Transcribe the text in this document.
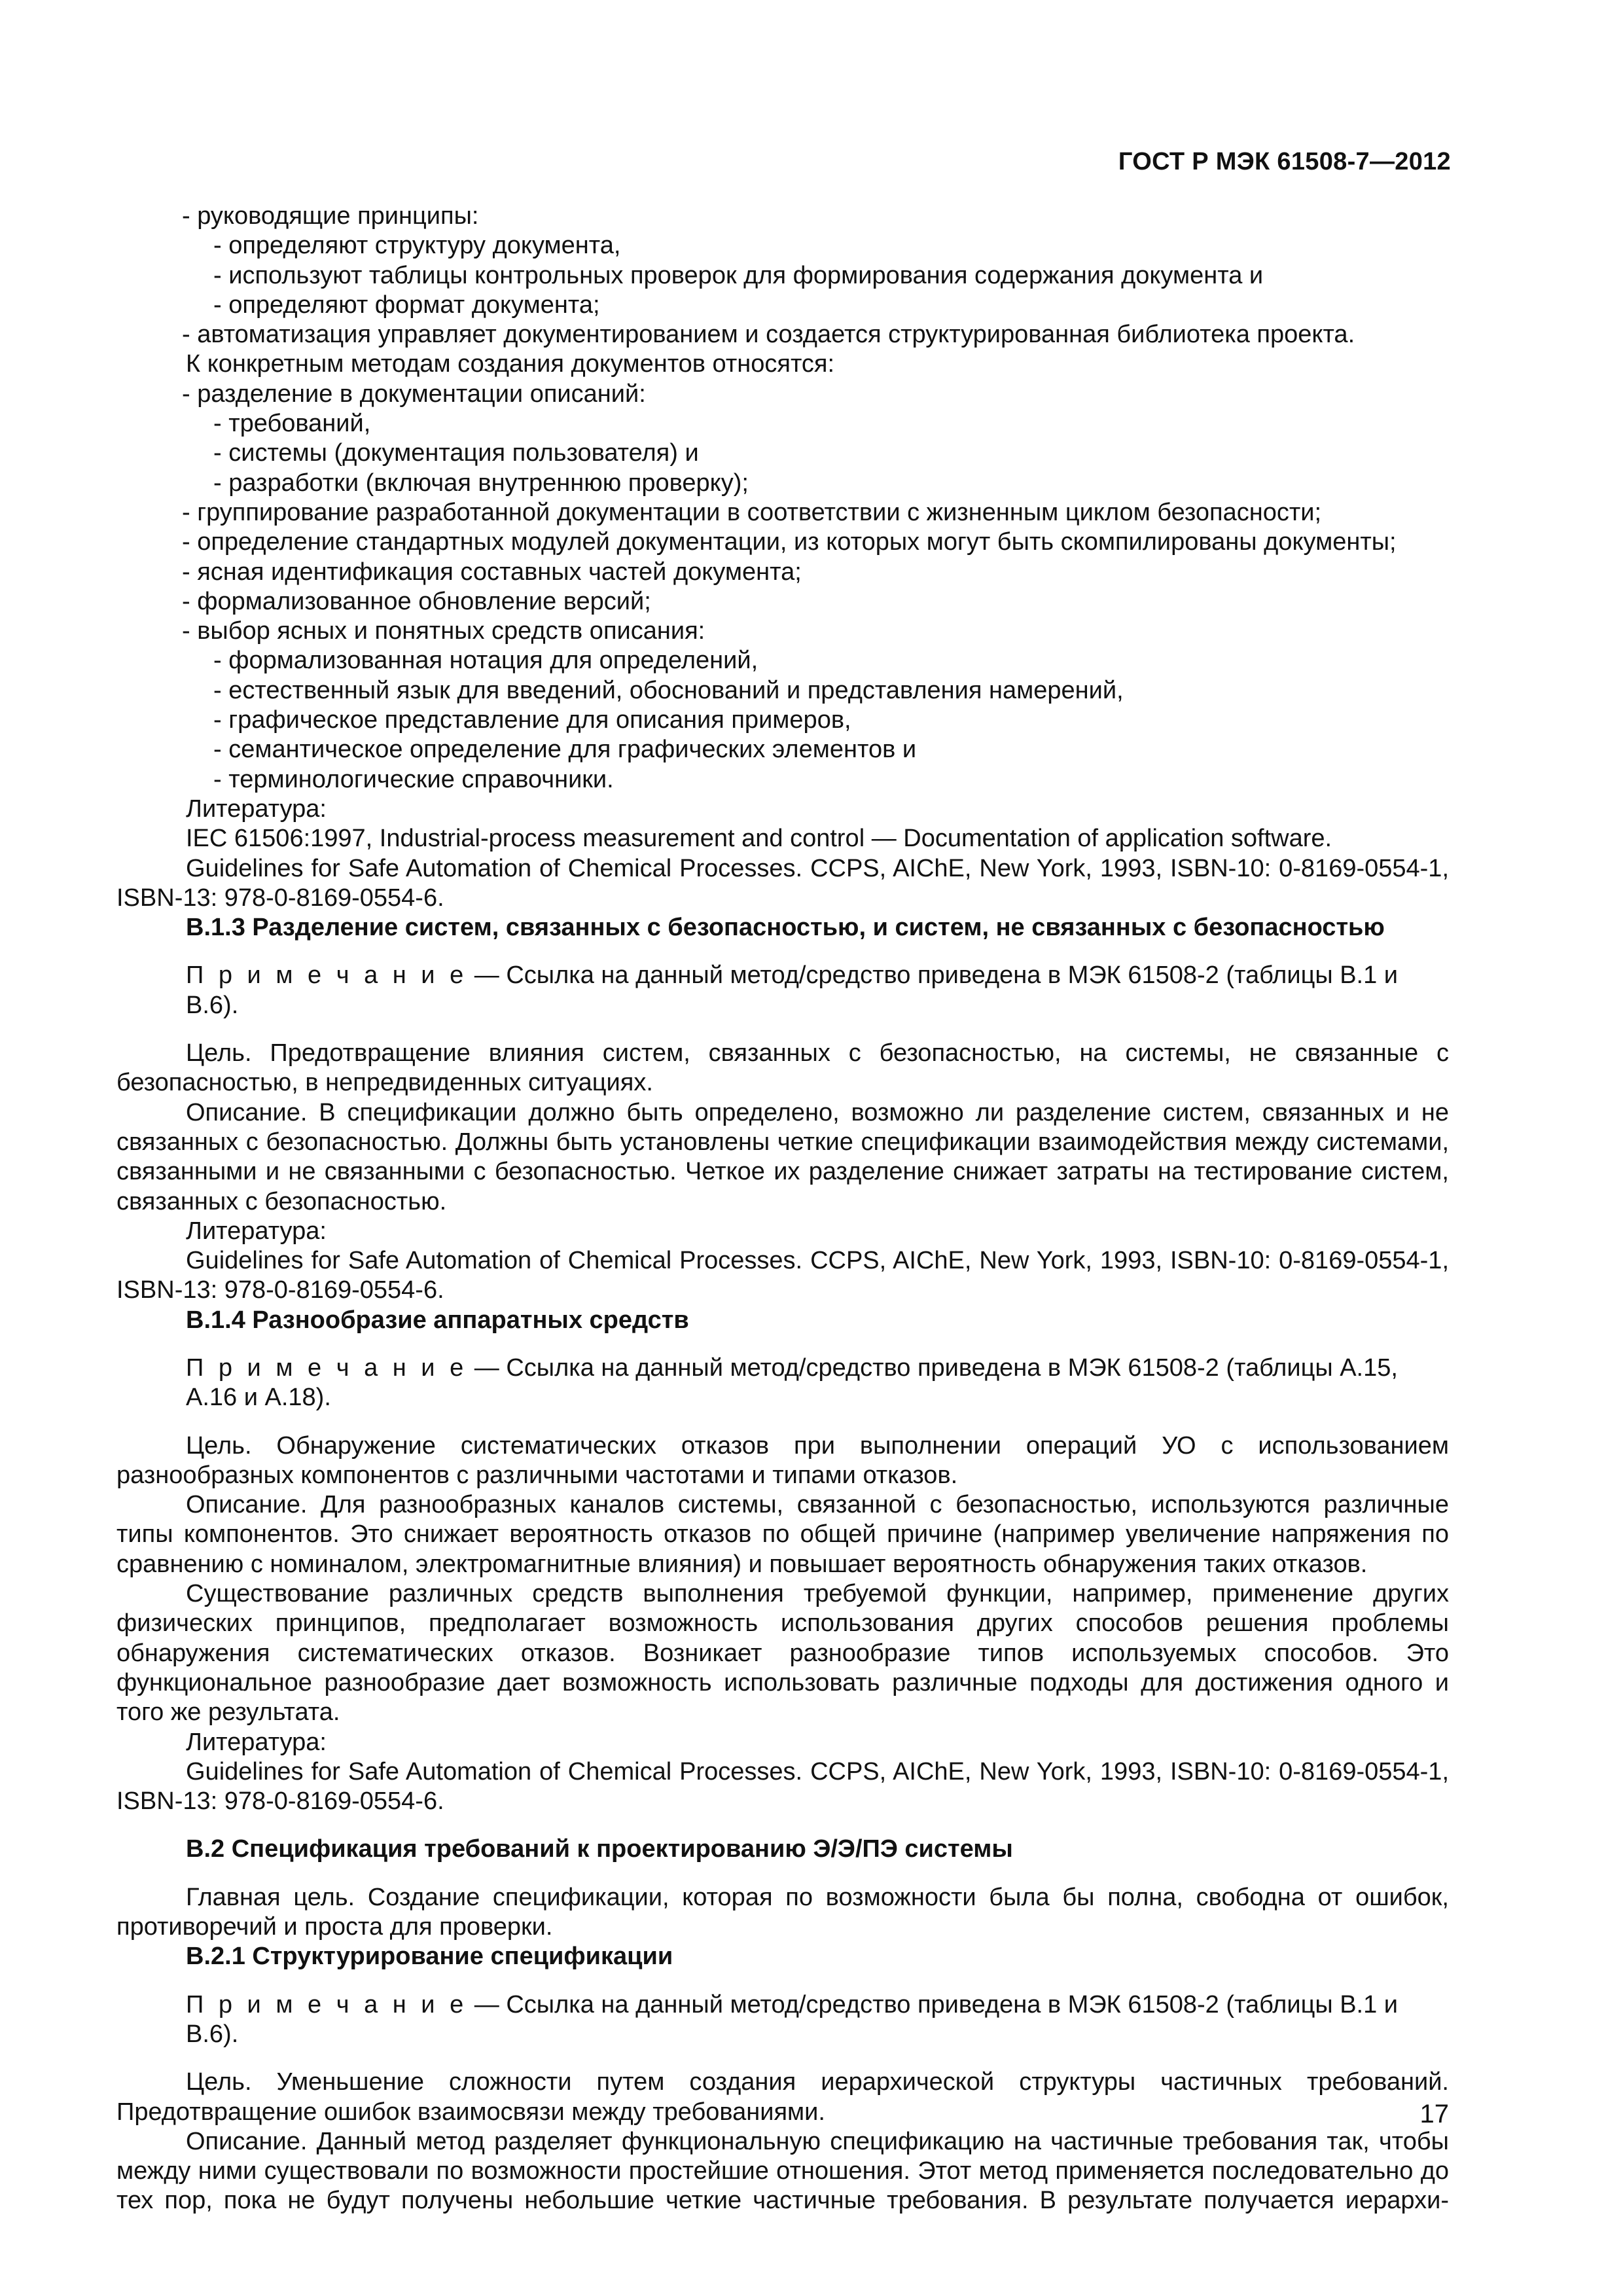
ГОСТ Р МЭК 61508-7—2012
- руководящие принципы:
- определяют структуру документа,
- используют таблицы контрольных проверок для формирования содержания документа и
- определяют формат документа;
- автоматизация управляет документированием и создается структурированная библиотека проекта.
К конкретным методам создания документов относятся:
- разделение в документации описаний:
- требований,
- системы (документация пользователя) и
- разработки (включая внутреннюю проверку);
- группирование разработанной документации в соответствии с жизненным циклом безопасности;
- определение стандартных модулей документации, из которых могут быть скомпилированы документы;
- ясная идентификация составных частей документа;
- формализованное обновление версий;
- выбор ясных и понятных средств описания:
- формализованная нотация для определений,
- естественный язык для введений, обоснований и представления намерений,
- графическое представление для описания примеров,
- семантическое определение для графических элементов и
- терминологические справочники.
Литература:
IEC 61506:1997, Industrial-process measurement and control — Documentation of application software.
Guidelines for Safe Automation of Chemical Processes. CCPS, AIChE, New York, 1993, ISBN-10: 0-8169-0554-1, ISBN-13: 978-0-8169-0554-6.
В.1.3 Разделение систем, связанных с безопасностью, и систем, не связанных с безопасностью
П р и м е ч а н и е — Ссылка на данный метод/средство приведена в МЭК 61508-2 (таблицы В.1 и В.6).
Цель. Предотвращение влияния систем, связанных с безопасностью, на системы, не связанные с безопасностью, в непредвиденных ситуациях.
Описание. В спецификации должно быть определено, возможно ли разделение систем, связанных и не связанных с безопасностью. Должны быть установлены четкие спецификации взаимодействия между системами, связанными и не связанными с безопасностью. Четкое их разделение снижает затраты на тестирование систем, связанных с безопасностью.
Литература:
Guidelines for Safe Automation of Chemical Processes. CCPS, AIChE, New York, 1993, ISBN-10: 0-8169-0554-1, ISBN-13: 978-0-8169-0554-6.
В.1.4 Разнообразие аппаратных средств
П р и м е ч а н и е — Ссылка на данный метод/средство приведена в МЭК 61508-2 (таблицы А.15, А.16 и А.18).
Цель. Обнаружение систематических отказов при выполнении операций УО с использованием разнообразных компонентов с различными частотами и типами отказов.
Описание. Для разнообразных каналов системы, связанной с безопасностью, используются различные типы компонентов. Это снижает вероятность отказов по общей причине (например увеличение напряжения по сравнению с номиналом, электромагнитные влияния) и повышает вероятность обнаружения таких отказов.
Существование различных средств выполнения требуемой функции, например, применение других физических принципов, предполагает возможность использования других способов решения проблемы обнаружения систематических отказов. Возникает разнообразие типов используемых способов. Это функциональное разнообразие дает возможность использовать различные подходы для достижения одного и того же результата.
Литература:
Guidelines for Safe Automation of Chemical Processes. CCPS, AIChE, New York, 1993, ISBN-10: 0-8169-0554-1, ISBN-13: 978-0-8169-0554-6.
В.2 Спецификация требований к проектированию Э/Э/ПЭ системы
Главная цель. Создание спецификации, которая по возможности была бы полна, свободна от ошибок, противоречий и проста для проверки.
В.2.1 Структурирование спецификации
П р и м е ч а н и е — Ссылка на данный метод/средство приведена в МЭК 61508-2 (таблицы В.1 и В.6).
Цель. Уменьшение сложности путем создания иерархической структуры частичных требований. Предотвращение ошибок взаимосвязи между требованиями.
Описание. Данный метод разделяет функциональную спецификацию на частичные требования так, чтобы между ними существовали по возможности простейшие отношения. Этот метод применяется последовательно до тех пор, пока не будут получены небольшие четкие частичные требования. В результате получается иерархи-
17
